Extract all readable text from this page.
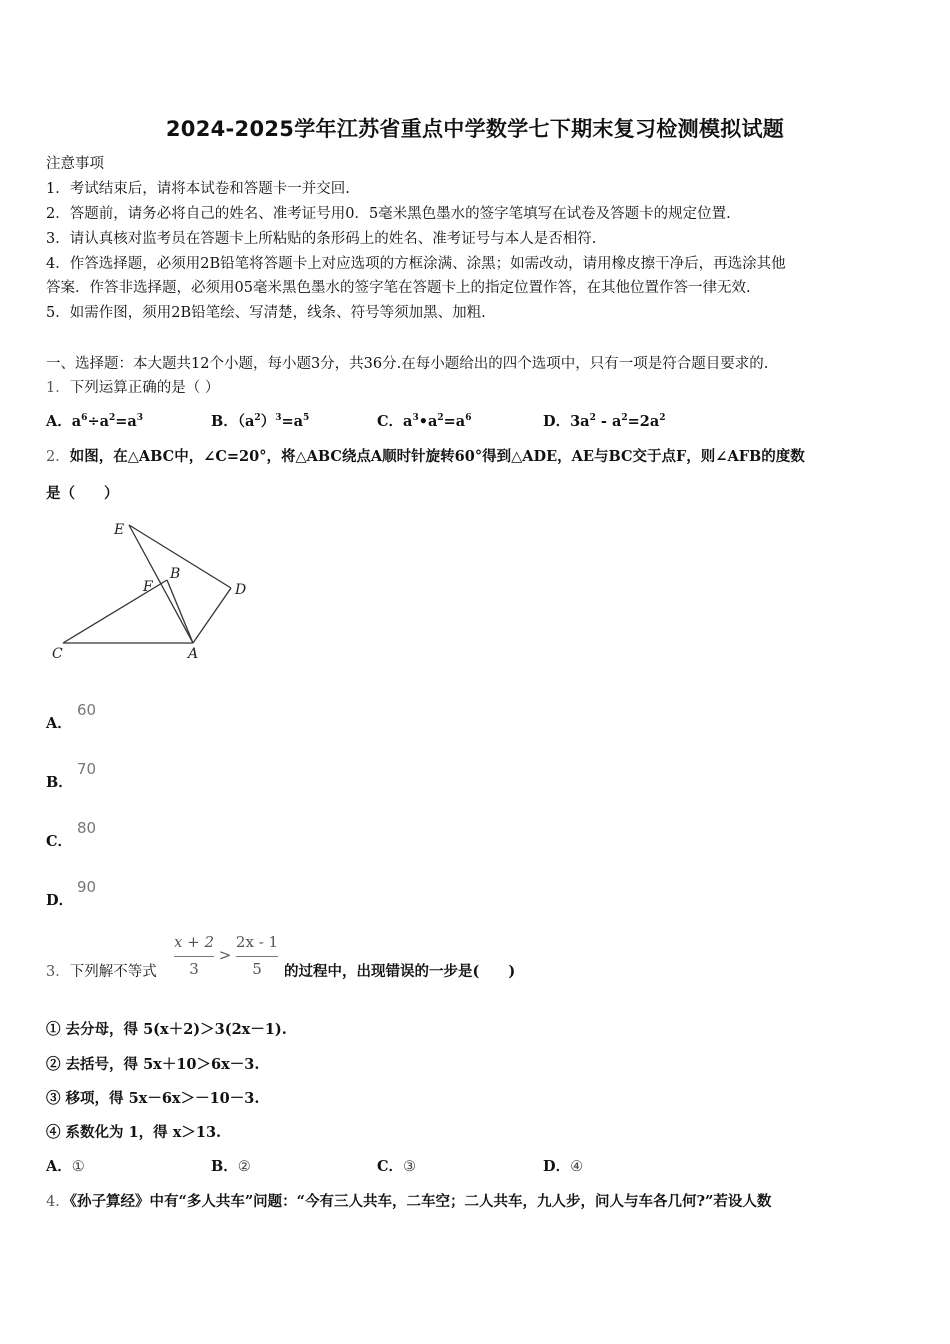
2024-2025学年江苏省重点中学数学七下期末复习检测模拟试题
注意事项
1．考试结束后，请将本试卷和答题卡一并交回.
2．答题前，请务必将自己的姓名、准考证号用0．5毫米黑色墨水的签字笔填写在试卷及答题卡的规定位置.
3．请认真核对监考员在答题卡上所粘贴的条形码上的姓名、准考证号与本人是否相符.
4．作答选择题，必须用2B铅笔将答题卡上对应选项的方框涂满、涂黑；如需改动，请用橡皮擦干净后，再选涂其他
答案．作答非选择题，必须用05毫米黑色墨水的签字笔在答题卡上的指定位置作答，在其他位置作答一律无效.
5．如需作图，须用2B铅笔绘、写清楚，线条、符号等须加黑、加粗.
一、选择题：本大题共12个小题，每小题3分，共36分.在每小题给出的四个选项中，只有一项是符合题目要求的.
1．下列运算正确的是（ ）
A．$a^6\div a^2=a^3$	B．$(a^2)^3=a^5$	C．$a^3•a^2=a^6$	D．$3a^2 - a^2=2a^2$
2．如图，在△ABC中，∠C=20°，将△ABC绕点A顺时针旋转60°得到△ADE，AE与BC交于点F，则∠AFB的度数
是（　　）
E
F
B
D
C	A
A．
60
B．
70
C．
80
D．
90
3．下列解不等式
x + 2
3
>
2x - 1
5	的过程中，出现错误的一步是(　　)
① 去分母，得 5(x＋2)＞3(2x－1).
② 去括号，得 5x＋10＞6x－3.
③ 移项，得 5x－6x＞－10－3.
④ 系数化为 1，得 x＞13.
A．①	B．②	C．③	D．④
4．《孙子算经》中有“多人共车”问题：“今有三人共车，二车空；二人共车，九人步，问人与车各几何?”若设人数
